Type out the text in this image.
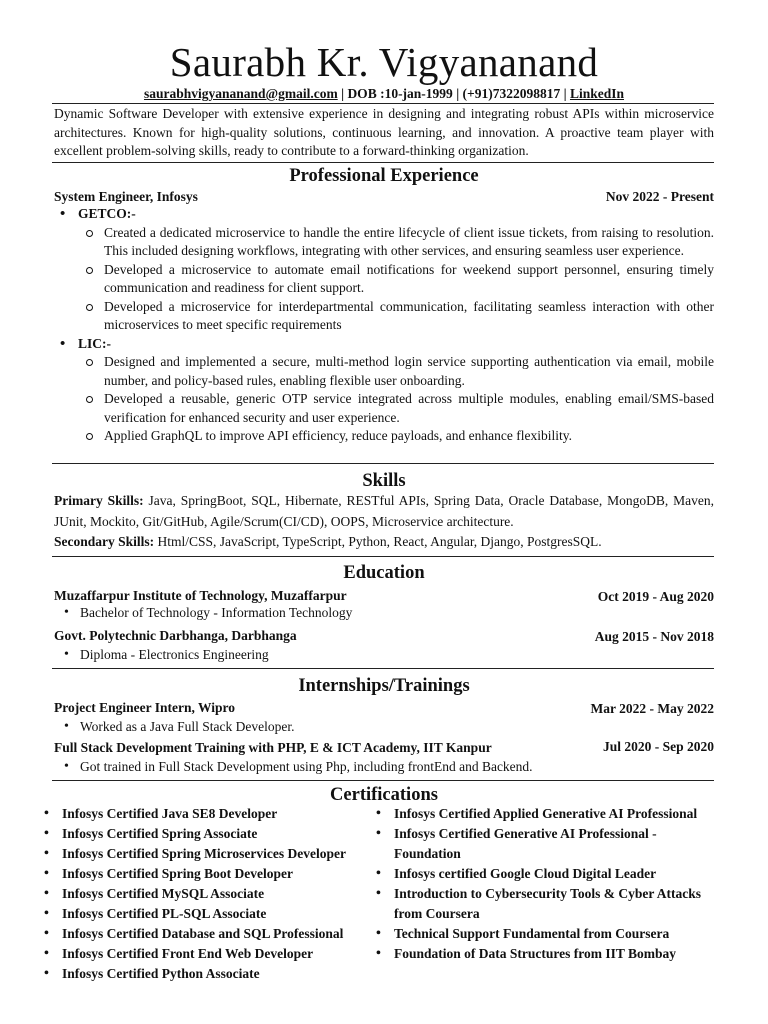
Saurabh Kr. Vigyananand
saurabhvigyananand@gmail.com | DOB :10-jan-1999 | (+91)7322098817 | LinkedIn
Dynamic Software Developer with extensive experience in designing and integrating robust APIs within microservice architectures. Known for high-quality solutions, continuous learning, and innovation. A proactive team player with excellent problem-solving skills, ready to contribute to a forward-thinking organization.
Professional Experience
System Engineer, Infosys	Nov 2022 - Present
• GETCO:-
Created a dedicated microservice to handle the entire lifecycle of client issue tickets, from raising to resolution. This included designing workflows, integrating with other services, and ensuring seamless user experience.
Developed a microservice to automate email notifications for weekend support personnel, ensuring timely communication and readiness for client support.
Developed a microservice for interdepartmental communication, facilitating seamless interaction with other microservices to meet specific requirements
• LIC:-
Designed and implemented a secure, multi-method login service supporting authentication via email, mobile number, and policy-based rules, enabling flexible user onboarding.
Developed a reusable, generic OTP service integrated across multiple modules, enabling email/SMS-based verification for enhanced security and user experience.
Applied GraphQL to improve API efficiency, reduce payloads, and enhance flexibility.
Skills
Primary Skills: Java, SpringBoot, SQL, Hibernate, RESTful APIs, Spring Data, Oracle Database, MongoDB, Maven, JUnit, Mockito, Git/GitHub, Agile/Scrum(CI/CD), OOPS, Microservice architecture.
Secondary Skills: Html/CSS, JavaScript, TypeScript, Python, React, Angular, Django, PostgresSQL.
Education
Muzaffarpur Institute of Technology, Muzaffarpur	Oct 2019 - Aug 2020
• Bachelor of Technology - Information Technology
Govt. Polytechnic Darbhanga, Darbhanga	Aug 2015 - Nov 2018
• Diploma - Electronics Engineering
Internships/Trainings
Project Engineer Intern, Wipro	Mar 2022 - May 2022
• Worked as a Java Full Stack Developer.
Full Stack Development Training with PHP, E & ICT Academy, IIT Kanpur	Jul 2020 - Sep 2020
• Got trained in Full Stack Development using Php, including frontEnd and Backend.
Certifications
• Infosys Certified Java SE8 Developer
• Infosys Certified Spring Associate
• Infosys Certified Spring Microservices Developer
• Infosys Certified Spring Boot Developer
• Infosys Certified MySQL Associate
• Infosys Certified PL-SQL Associate
• Infosys Certified Database and SQL Professional
• Infosys Certified Front End Web Developer
• Infosys Certified Python Associate
• Infosys Certified Applied Generative AI Professional
• Infosys Certified Generative AI Professional - Foundation
• Infosys certified Google Cloud Digital Leader
• Introduction to Cybersecurity Tools & Cyber Attacks from Coursera
• Technical Support Fundamental from Coursera
• Foundation of Data Structures from IIT Bombay
